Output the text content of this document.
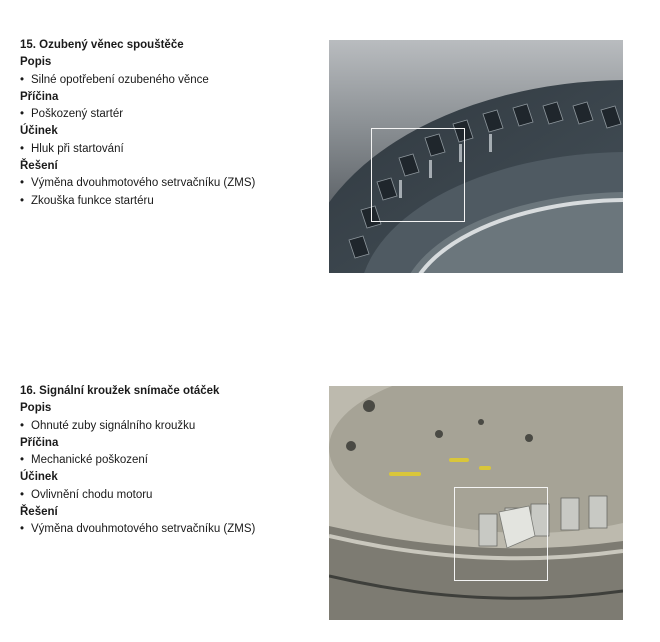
15. Ozubený věnec spouštěče
Popis
• Silné opotřebení ozubeného věnce
Příčina
• Poškozený startér
Účinek
• Hluk při startování
Řešení
• Výměna dvouhmotového setrvačníku (ZMS)
• Zkouška funkce startéru
16. Signální kroužek snímače otáček
Popis
• Ohnuté zuby signálního kroužku
Příčina
• Mechanické poškození
Účinek
• Ovlivnění chodu motoru
Řešení
• Výměna dvouhmotového setrvačníku (ZMS)
